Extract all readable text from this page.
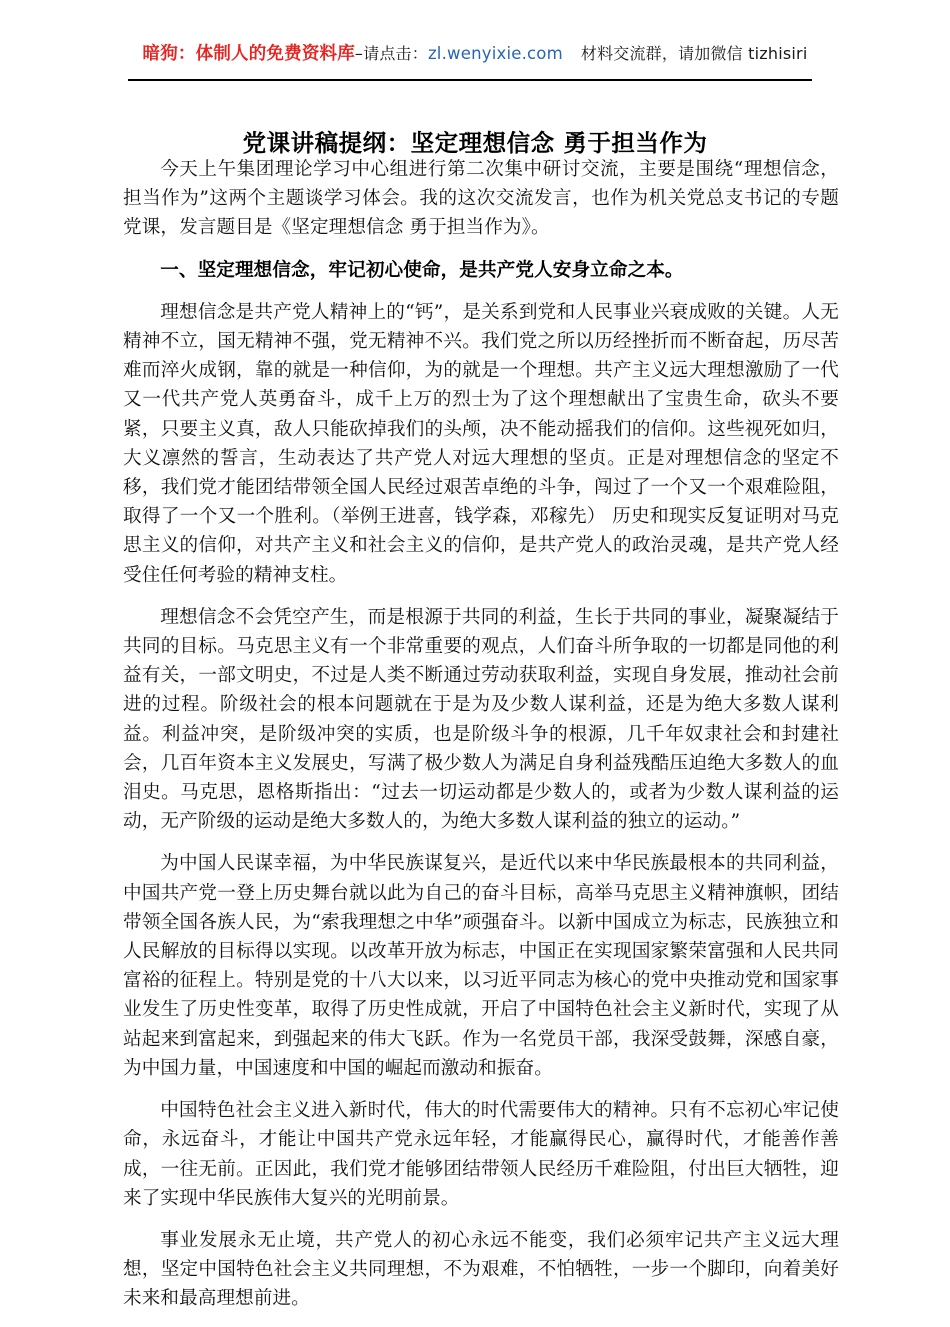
暗狗：体制人的免费资料库–请点击：zl.wenyixie.com 材料交流群，请加微信 tizhisiri
党课讲稿提纲：坚定理想信念 勇于担当作为

今天上午集团理论学习中心组进行第二次集中研讨交流，主要是围绕“理想信念，担当作为”这两个主题谈学习体会。我的这次交流发言，也作为机关党总支书记的专题党课，发言题目是《坚定理想信念 勇于担当作为》。

一、坚定理想信念，牢记初心使命，是共产党人安身立命之本。

理想信念是共产党人精神上的“钙”，是关系到党和人民事业兴衰成败的关键。人无精神不立，国无精神不强，党无精神不兴。我们党之所以历经挫折而不断奋起，历尽苦难而淬火成钢，靠的就是一种信仰，为的就是一个理想。共产主义远大理想激励了一代又一代共产党人英勇奋斗，成千上万的烈士为了这个理想献出了宝贵生命，砍头不要紧，只要主义真，敌人只能砍掉我们的头颅，决不能动摇我们的信仰。这些视死如归，大义凛然的誓言，生动表达了共产党人对远大理想的坚贞。正是对理想信念的坚定不移，我们党才能团结带领全国人民经过艰苦卓绝的斗争，闯过了一个又一个艰难险阻，取得了一个又一个胜利。（举例王进喜，钱学森，邓稼先） 历史和现实反复证明对马克思主义的信仰，对共产主义和社会主义的信仰，是共产党人的政治灵魂，是共产党人经受住任何考验的精神支柱。

理想信念不会凭空产生，而是根源于共同的利益，生长于共同的事业，凝聚凝结于共同的目标。马克思主义有一个非常重要的观点，人们奋斗所争取的一切都是同他的利益有关，一部文明史，不过是人类不断通过劳动获取利益，实现自身发展，推动社会前进的过程。阶级社会的根本问题就在于是为及少数人谋利益，还是为绝大多数人谋利益。利益冲突，是阶级冲突的实质，也是阶级斗争的根源，几千年奴隶社会和封建社会，几百年资本主义发展史，写满了极少数人为满足自身利益残酷压迫绝大多数人的血泪史。马克思，恩格斯指出：“过去一切运动都是少数人的，或者为少数人谋利益的运动，无产阶级的运动是绝大多数人的，为绝大多数人谋利益的独立的运动。”

为中国人民谋幸福，为中华民族谋复兴，是近代以来中华民族最根本的共同利益，中国共产党一登上历史舞台就以此为自己的奋斗目标，高举马克思主义精神旗帜，团结带领全国各族人民，为“索我理想之中华”顽强奋斗。以新中国成立为标志，民族独立和人民解放的目标得以实现。以改革开放为标志，中国正在实现国家繁荣富强和人民共同富裕的征程上。特别是党的十八大以来，以习近平同志为核心的党中央推动党和国家事业发生了历史性变革，取得了历史性成就，开启了中国特色社会主义新时代，实现了从站起来到富起来，到强起来的伟大飞跃。作为一名党员干部，我深受鼓舞，深感自豪，为中国力量，中国速度和中国的崛起而激动和振奋。

中国特色社会主义进入新时代，伟大的时代需要伟大的精神。只有不忘初心牢记使命，永远奋斗，才能让中国共产党永远年轻，才能赢得民心，赢得时代，才能善作善成，一往无前。正因此，我们党才能够团结带领人民经历千难险阻，付出巨大牺牲，迎来了实现中华民族伟大复兴的光明前景。

事业发展永无止境，共产党人的初心永远不能变，我们必须牢记共产主义远大理想，坚定中国特色社会主义共同理想，不为艰难，不怕牺牲，一步一个脚印，向着美好未来和最高理想前进。
